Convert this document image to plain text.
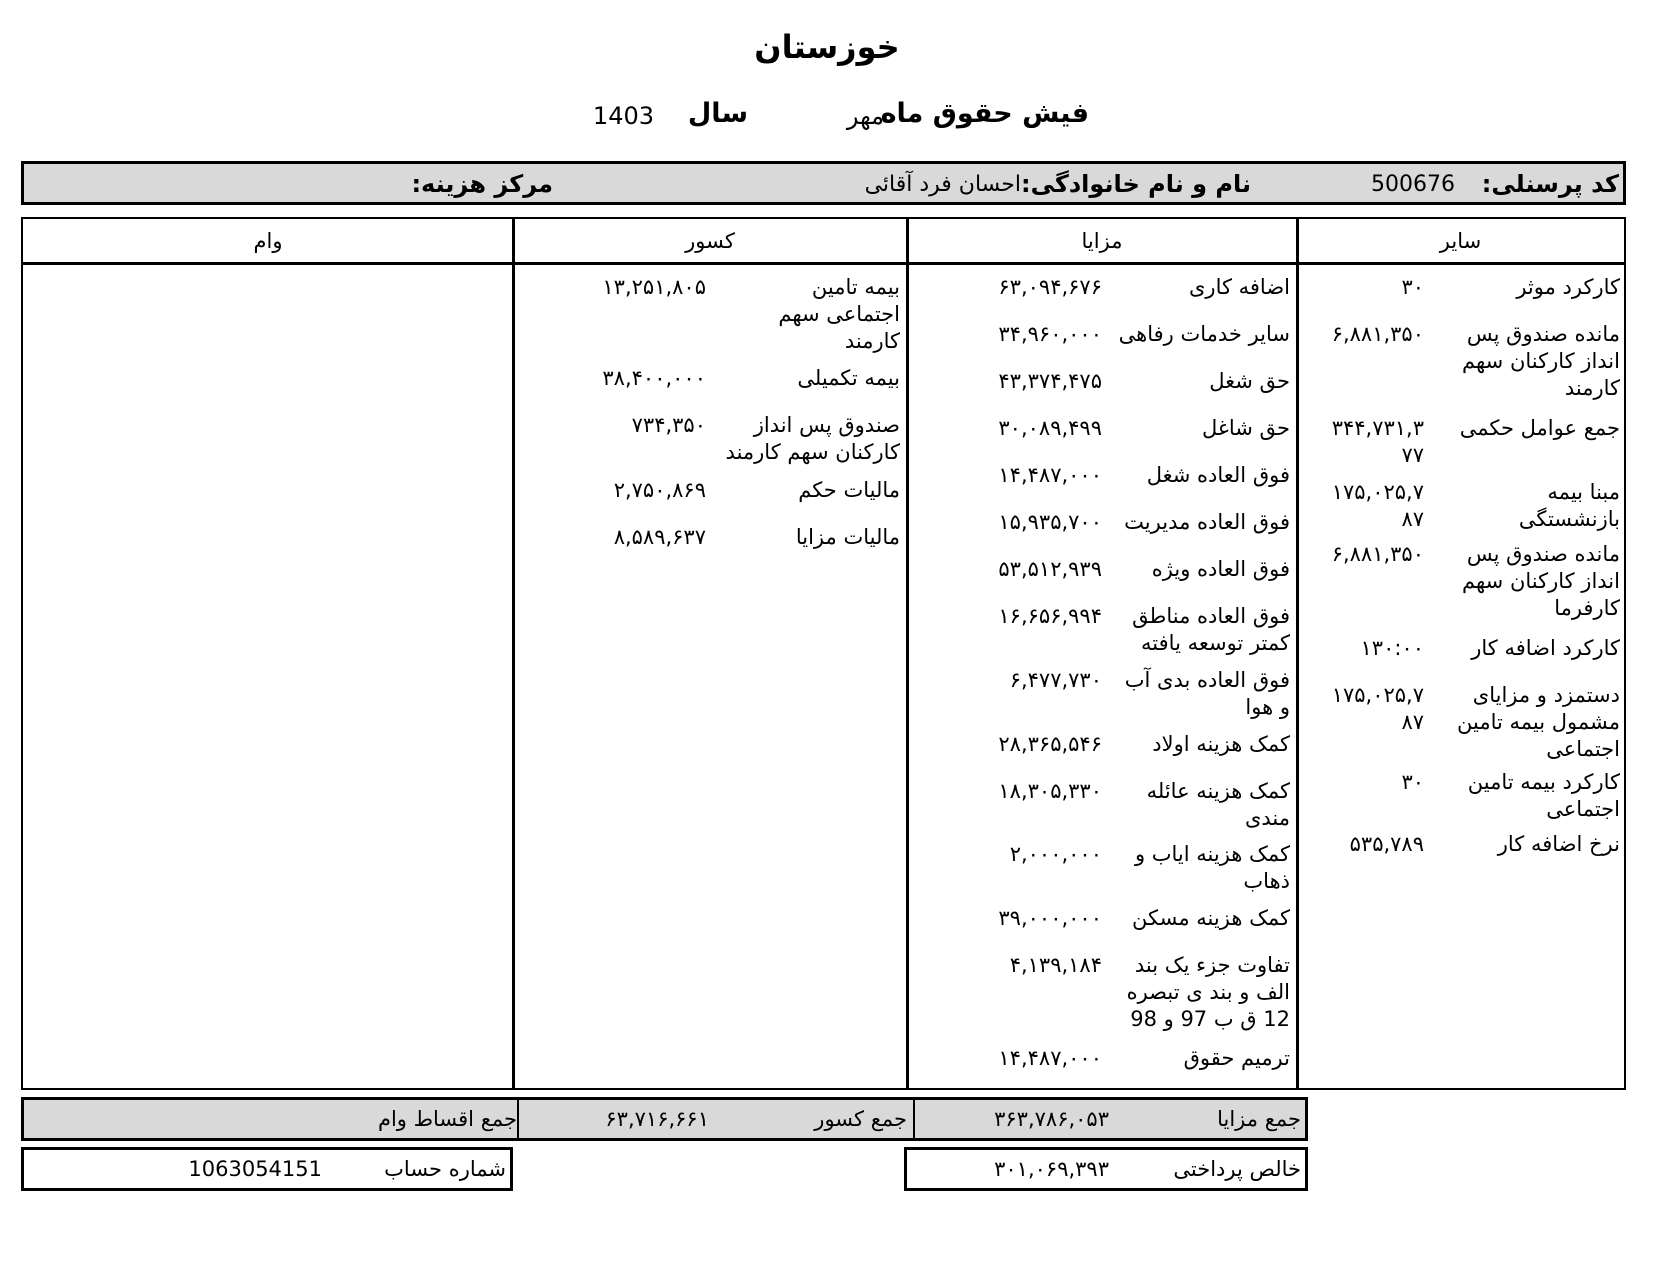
خوزستان
فیش حقوق ماه
مهر
سال
1403
کد پرسنلی:
500676
نام و نام خانوادگی:
احسان فرد آقائی
مرکز هزینه:
سایر
مزایا
کسور
وام
کارکرد موثر
۳۰
مانده صندوق پس انداز کارکنان سهم کارمند
۶,۸۸۱,۳۵۰
جمع عوامل حکمی
۳۴۴,۷۳۱,۳۷۷
مبنا بیمه بازنشستگی
۱۷۵,۰۲۵,۷۸۷
مانده صندوق پس انداز کارکنان سهم کارفرما
۶,۸۸۱,۳۵۰
کارکرد اضافه کار
۱۳۰:۰۰
دستمزد و مزایای مشمول بیمه تامین اجتماعی
۱۷۵,۰۲۵,۷۸۷
کارکرد بیمه تامین اجتماعی
۳۰
نرخ اضافه کار
۵۳۵,۷۸۹
اضافه کاری
۶۳,۰۹۴,۶۷۶
سایر خدمات رفاهی
۳۴,۹۶۰,۰۰۰
حق شغل
۴۳,۳۷۴,۴۷۵
حق شاغل
۳۰,۰۸۹,۴۹۹
فوق العاده شغل
۱۴,۴۸۷,۰۰۰
فوق العاده مدیریت
۱۵,۹۳۵,۷۰۰
فوق العاده ویژه
۵۳,۵۱۲,۹۳۹
فوق العاده مناطق کمتر توسعه یافته
۱۶,۶۵۶,۹۹۴
فوق العاده بدی آب و هوا
۶,۴۷۷,۷۳۰
کمک هزینه اولاد
۲۸,۳۶۵,۵۴۶
کمک هزینه عائله مندی
۱۸,۳۰۵,۳۳۰
کمک هزینه ایاب و ذهاب
۲,۰۰۰,۰۰۰
کمک هزینه مسکن
۳۹,۰۰۰,۰۰۰
تفاوت جزء یک بند الف و بند ی تبصره 12 ق ب 97 و 98
۴,۱۳۹,۱۸۴
ترمیم حقوق
۱۴,۴۸۷,۰۰۰
بیمه تامین اجتماعی سهم کارمند
۱۳,۲۵۱,۸۰۵
بیمه تکمیلی
۳۸,۴۰۰,۰۰۰
صندوق پس انداز کارکنان سهم کارمند
۷۳۴,۳۵۰
مالیات حکم
۲,۷۵۰,۸۶۹
مالیات مزایا
۸,۵۸۹,۶۳۷
جمع مزایا
۳۶۳,۷۸۶,۰۵۳
جمع کسور
۶۳,۷۱۶,۶۶۱
جمع اقساط وام
خالص پرداختی
۳۰۱,۰۶۹,۳۹۳
شماره حساب
1063054151
